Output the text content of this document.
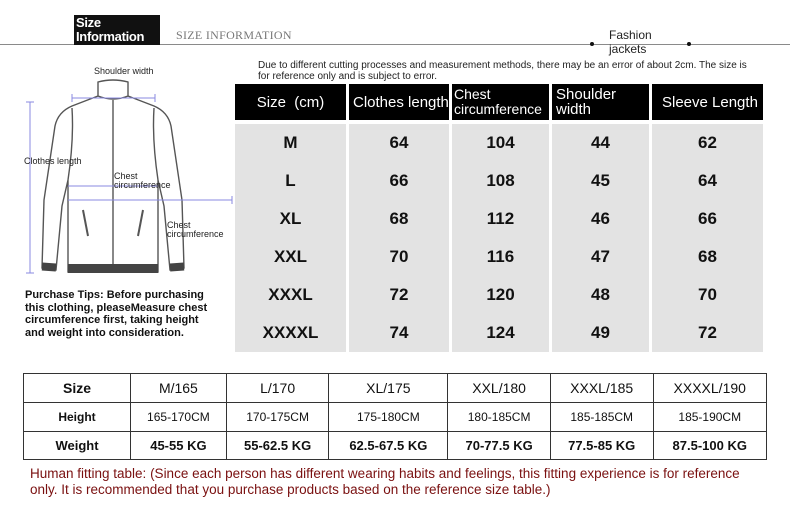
Size
Information	SIZE INFORMATION	Fashion
jackets
Due to different cutting processes and measurement methods, there may be an error of about 2cm. The size is for reference only and is subject to error.
Shoulder width
Clothes length
Chest circumference
Chest circumference
Purchase Tips: Before purchasing this clothing, pleaseMeasure chest circumference first, taking height and weight into consideration.
Size  (cm)	Clothes length	Chest circumference	Shoulder width	Sleeve Length
M	64	104	44	62
L	66	108	45	64
XL	68	112	46	66
XXL	70	116	47	68
XXXL	72	120	48	70
XXXXL	74	124	49	72
Size	M/165	L/170	XL/175	XXL/180	XXXL/185	XXXXL/190
Height	165-170CM	170-175CM	175-180CM	180-185CM	185-185CM	185-190CM
Weight	45-55 KG	55-62.5 KG	62.5-67.5 KG	70-77.5 KG	77.5-85 KG	87.5-100 KG
Human fitting table: (Since each person has different wearing habits and feelings, this fitting experience is for reference only. It is recommended that you purchase products based on the reference size table.)
